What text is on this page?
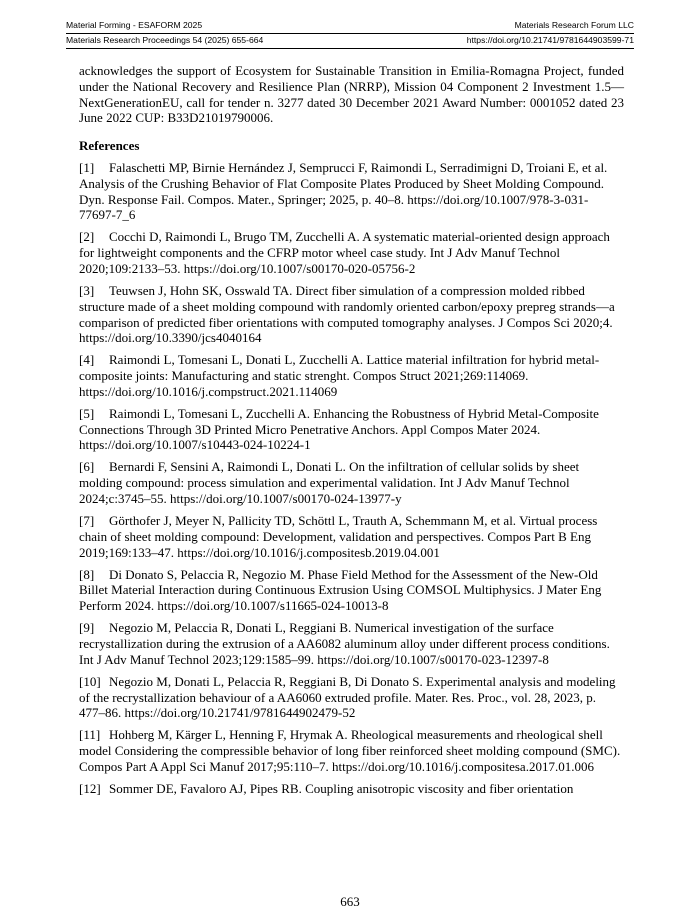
Material Forming - ESAFORM 2025	Materials Research Forum LLC
Materials Research Proceedings 54 (2025) 655-664	https://doi.org/10.21741/9781644903599-71

acknowledges the support of Ecosystem for Sustainable Transition in Emilia-Romagna Project, funded under the National Recovery and Resilience Plan (NRRP), Mission 04 Component 2 Investment 1.5—NextGenerationEU, call for tender n. 3277 dated 30 December 2021 Award Number: 0001052 dated 23 June 2022 CUP: B33D21019790006.

References
[1] Falaschetti MP, Birnie Hernández J, Semprucci F, Raimondi L, Serradimigni D, Troiani E, et al. Analysis of the Crushing Behavior of Flat Composite Plates Produced by Sheet Molding Compound. Dyn. Response Fail. Compos. Mater., Springer; 2025, p. 40–8. https://doi.org/10.1007/978-3-031-77697-7_6
[2] Cocchi D, Raimondi L, Brugo TM, Zucchelli A. A systematic material-oriented design approach for lightweight components and the CFRP motor wheel case study. Int J Adv Manuf Technol 2020;109:2133–53. https://doi.org/10.1007/s00170-020-05756-2
[3] Teuwsen J, Hohn SK, Osswald TA. Direct fiber simulation of a compression molded ribbed structure made of a sheet molding compound with randomly oriented carbon/epoxy prepreg strands—a comparison of predicted fiber orientations with computed tomography analyses. J Compos Sci 2020;4. https://doi.org/10.3390/jcs4040164
[4] Raimondi L, Tomesani L, Donati L, Zucchelli A. Lattice material infiltration for hybrid metal-composite joints: Manufacturing and static strenght. Compos Struct 2021;269:114069. https://doi.org/10.1016/j.compstruct.2021.114069
[5] Raimondi L, Tomesani L, Zucchelli A. Enhancing the Robustness of Hybrid Metal-Composite Connections Through 3D Printed Micro Penetrative Anchors. Appl Compos Mater 2024. https://doi.org/10.1007/s10443-024-10224-1
[6] Bernardi F, Sensini A, Raimondi L, Donati L. On the infiltration of cellular solids by sheet molding compound: process simulation and experimental validation. Int J Adv Manuf Technol 2024;c:3745–55. https://doi.org/10.1007/s00170-024-13977-y
[7] Görthofer J, Meyer N, Pallicity TD, Schöttl L, Trauth A, Schemmann M, et al. Virtual process chain of sheet molding compound: Development, validation and perspectives. Compos Part B Eng 2019;169:133–47. https://doi.org/10.1016/j.compositesb.2019.04.001
[8] Di Donato S, Pelaccia R, Negozio M. Phase Field Method for the Assessment of the New-Old Billet Material Interaction during Continuous Extrusion Using COMSOL Multiphysics. J Mater Eng Perform 2024. https://doi.org/10.1007/s11665-024-10013-8
[9] Negozio M, Pelaccia R, Donati L, Reggiani B. Numerical investigation of the surface recrystallization during the extrusion of a AA6082 aluminum alloy under different process conditions. Int J Adv Manuf Technol 2023;129:1585–99. https://doi.org/10.1007/s00170-023-12397-8
[10] Negozio M, Donati L, Pelaccia R, Reggiani B, Di Donato S. Experimental analysis and modeling of the recrystallization behaviour of a AA6060 extruded profile. Mater. Res. Proc., vol. 28, 2023, p. 477–86. https://doi.org/10.21741/9781644902479-52
[11] Hohberg M, Kärger L, Henning F, Hrymak A. Rheological measurements and rheological shell model Considering the compressible behavior of long fiber reinforced sheet molding compound (SMC). Compos Part A Appl Sci Manuf 2017;95:110–7. https://doi.org/10.1016/j.compositesa.2017.01.006
[12] Sommer DE, Favaloro AJ, Pipes RB. Coupling anisotropic viscosity and fiber orientation
663
